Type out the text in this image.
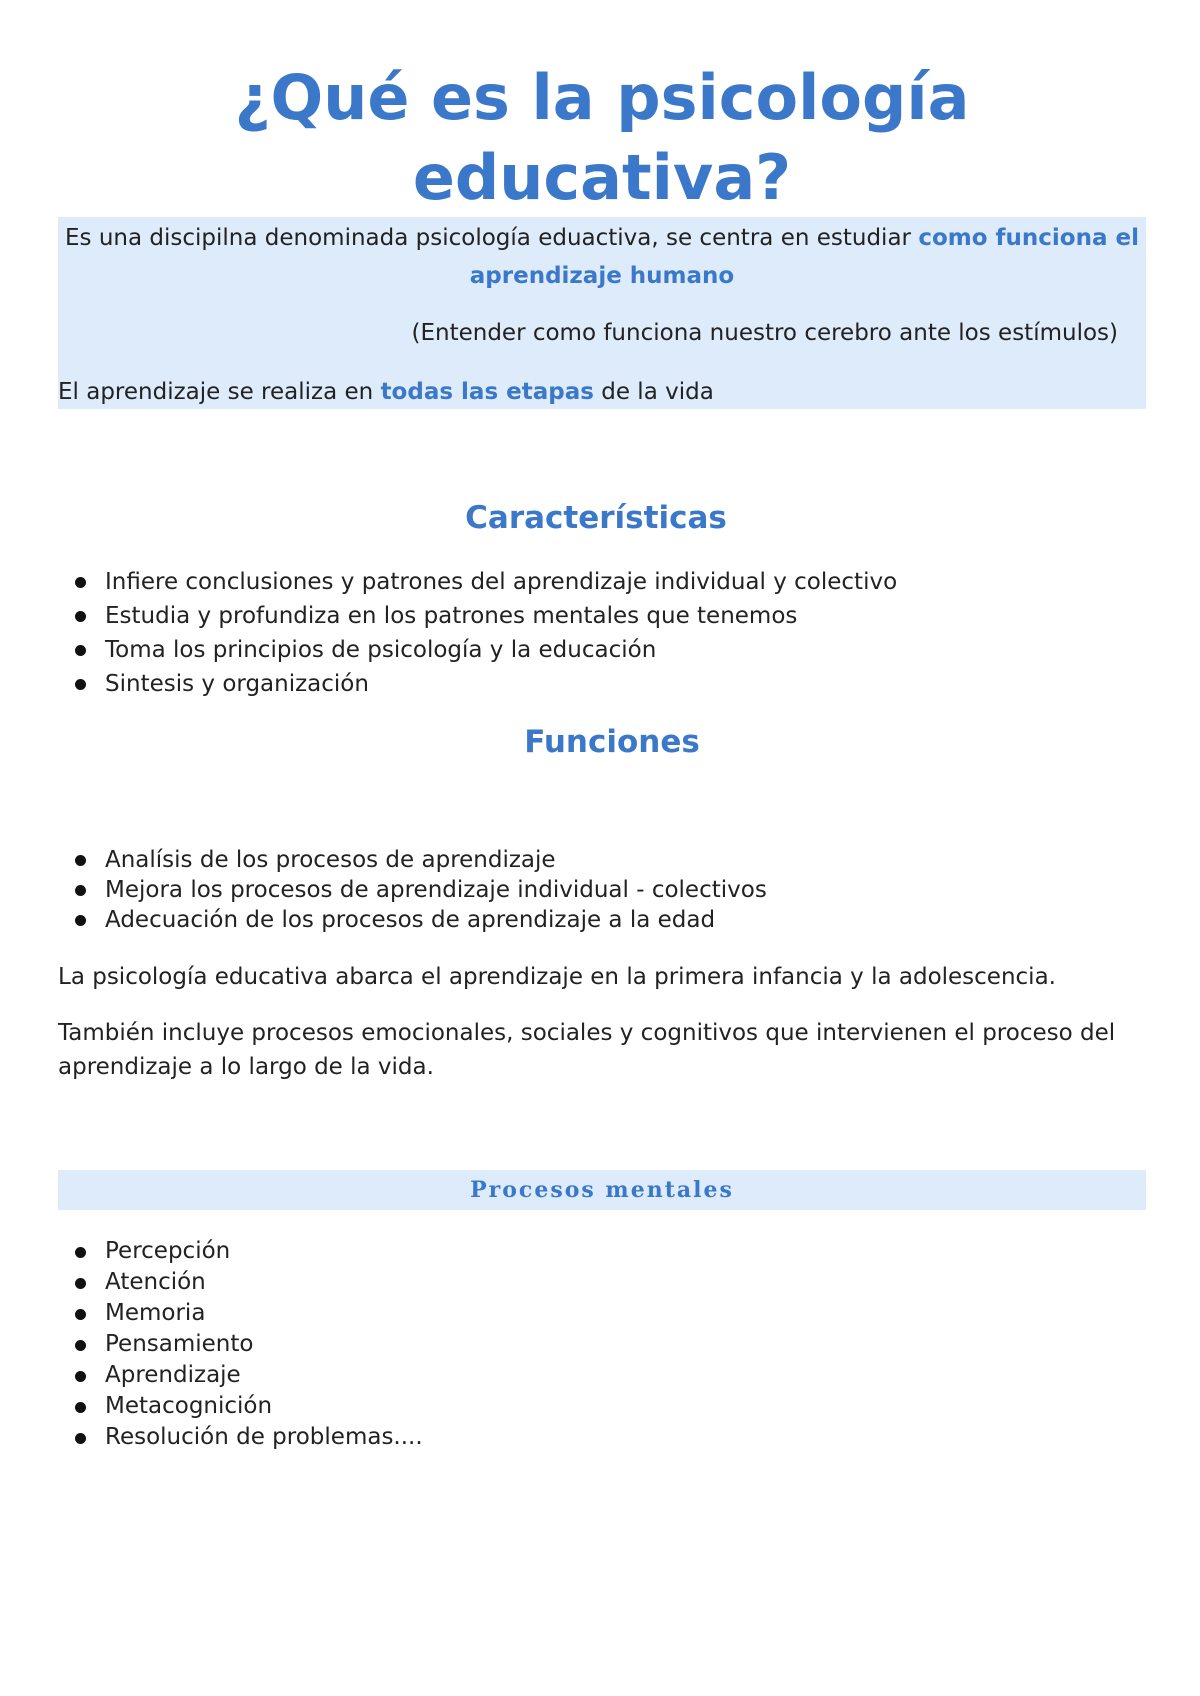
¿Qué es la psicología educativa?

Es una discipilna denominada psicología eduactiva, se centra en estudiar como funciona el aprendizaje humano

(Entender como funciona nuestro cerebro ante los estímulos)

El aprendizaje se realiza en todas las etapas de la vida

Características
Infiere conclusiones y patrones del aprendizaje individual y colectivo
Estudia y profundiza en los patrones mentales que tenemos
Toma los principios de psicología y la educación
Sintesis y organización
Funciones
Analísis de los procesos de aprendizaje
Mejora los procesos de aprendizaje individual - colectivos
Adecuación de los procesos de aprendizaje a la edad

La psicología educativa abarca el aprendizaje en la primera infancia y la adolescencia.

También incluye procesos emocionales, sociales y cognitivos que intervienen el proceso del aprendizaje a lo largo de la vida.

Procesos mentales
Percepción
Atención
Memoria
Pensamiento
Aprendizaje
Metacognición
Resolución de problemas....
